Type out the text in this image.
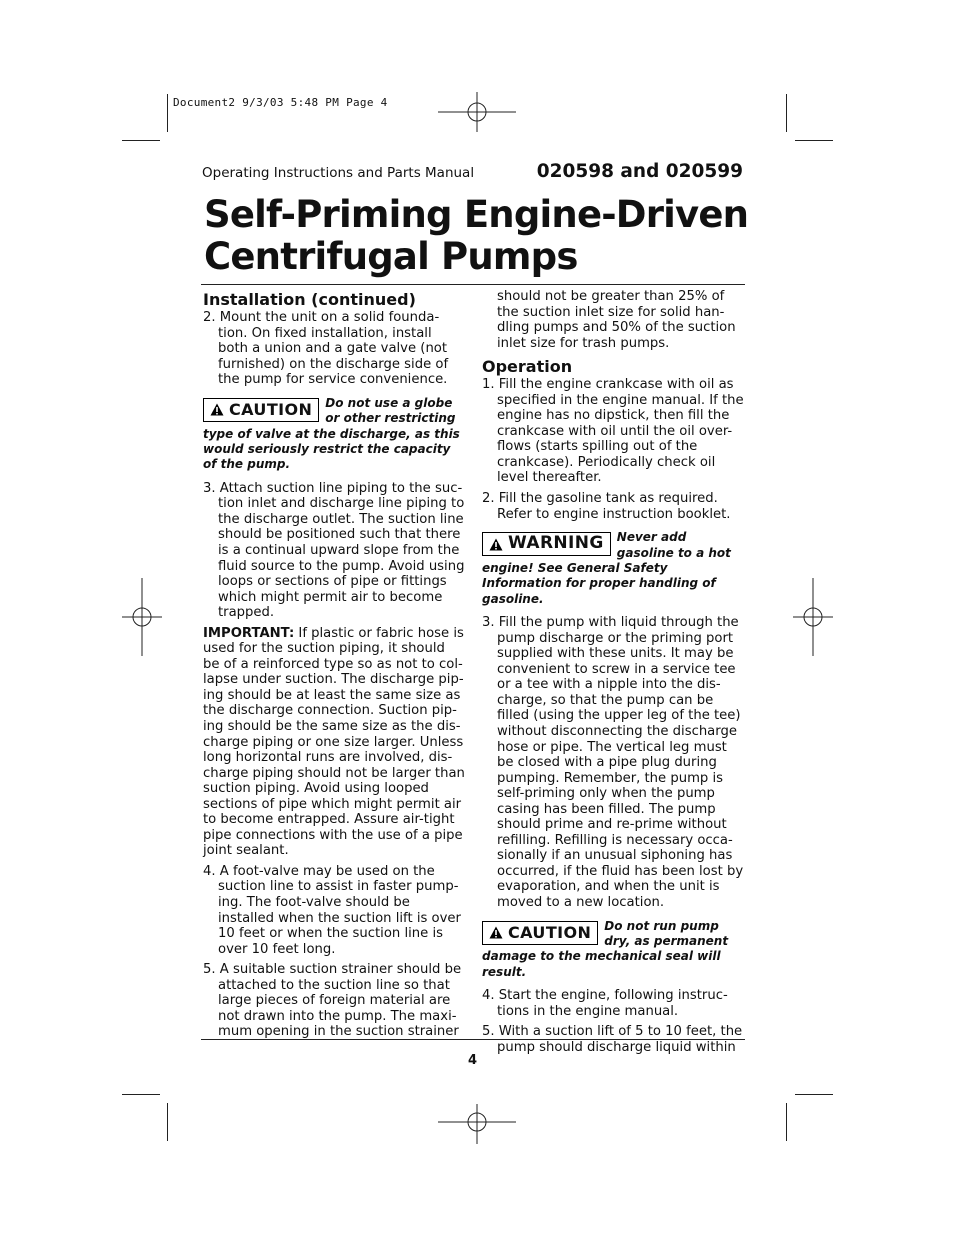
Document2 9/3/03 5:48 PM Page 4
Operating Instructions and Parts Manual	020598 and 020599
Self-Priming Engine-Driven
Centrifugal Pumps

Installation (continued)

2. Mount the unit on a solid founda-tion. On fixed installation, install both a union and a gate valve (not furnished) on the discharge side of the pump for service convenience.

CAUTION Do not use a globe or other restricting type of valve at the discharge, as this would seriously restrict the capacity of the pump.

3. Attach suction line piping to the suc-tion inlet and discharge line piping to the discharge outlet. The suction line should be positioned such that there is a continual upward slope from the fluid source to the pump. Avoid using loops or sections of pipe or fittings which might permit air to become trapped.

IMPORTANT: If plastic or fabric hose is used for the suction piping, it should be of a reinforced type so as not to col-lapse under suction. The discharge pip-ing should be at least the same size as the discharge connection. Suction pip-ing should be the same size as the dis-charge piping or one size larger. Unless long horizontal runs are involved, dis-charge piping should not be larger than suction piping. Avoid using looped sections of pipe which might permit air to become entrapped. Assure air-tight pipe connections with the use of a pipe joint sealant.

4. A foot-valve may be used on the suction line to assist in faster pump-ing. The foot-valve should be installed when the suction lift is over 10 feet or when the suction line is over 10 feet long.

5. A suitable suction strainer should be attached to the suction line so that large pieces of foreign material are not drawn into the pump. The maxi-mum opening in the suction strainer

should not be greater than 25% of the suction inlet size for solid han-dling pumps and 50% of the suction inlet size for trash pumps.

Operation

1. Fill the engine crankcase with oil as specified in the engine manual. If the engine has no dipstick, then fill the crankcase with oil until the oil over-flows (starts spilling out of the crankcase). Periodically check oil level thereafter.

2. Fill the gasoline tank as required. Refer to engine instruction booklet.

WARNING Never add gasoline to a hot engine! See General Safety Information for proper handling of gasoline.

3. Fill the pump with liquid through the pump discharge or the priming port supplied with these units. It may be convenient to screw in a service tee or a tee with a nipple into the dis-charge, so that the pump can be filled (using the upper leg of the tee) without disconnecting the discharge hose or pipe. The vertical leg must be closed with a pipe plug during pumping. Remember, the pump is self-priming only when the pump casing has been filled. The pump should prime and re-prime without refilling. Refilling is necessary occa-sionally if an unusual siphoning has occurred, if the fluid has been lost by evaporation, and when the unit is moved to a new location.

CAUTION Do not run pump dry, as permanent damage to the mechanical seal will result.

4. Start the engine, following instruc-tions in the engine manual.

5. With a suction lift of 5 to 10 feet, the pump should discharge liquid within

4
